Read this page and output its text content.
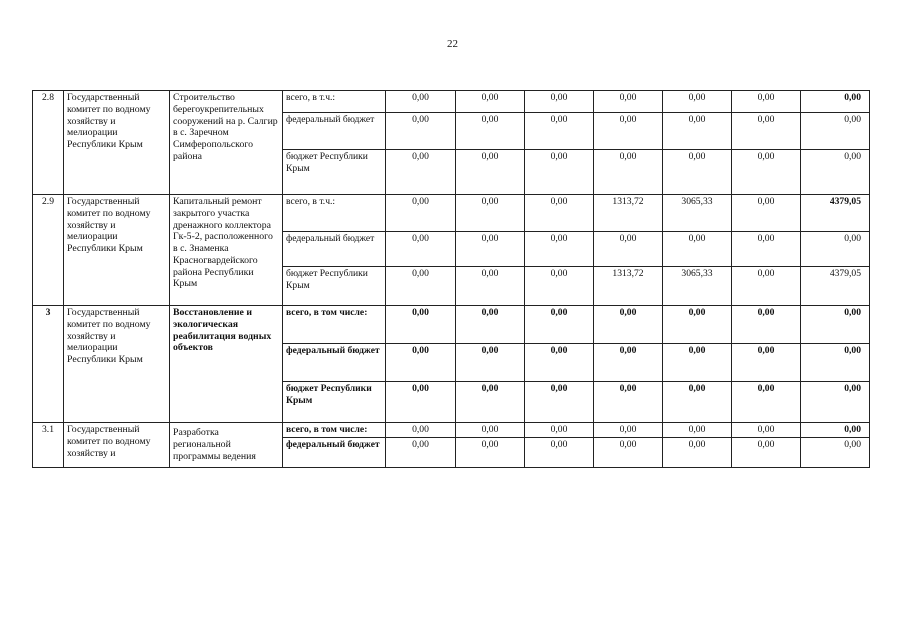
22
2.8	Государственный комитет по водному хозяйству и мелиорации Республики Крым	Строительство берегоукрепительных сооружений на р. Салгир в с. Заречном Симферопольского района	всего, в т.ч.:	0,00	0,00	0,00	0,00	0,00	0,00	0,00
			федеральный бюджет	0,00	0,00	0,00	0,00	0,00	0,00	0,00
			бюджет Республики Крым	0,00	0,00	0,00	0,00	0,00	0,00	0,00
2.9	Государственный комитет по водному хозяйству и мелиорации Республики Крым	Капитальный ремонт закрытого участка дренажного коллектора Гк-5-2, расположенного в с. Знаменка Красногвардейского района Республики Крым	всего, в т.ч.:	0,00	0,00	0,00	1313,72	3065,33	0,00	4379,05
			федеральный бюджет	0,00	0,00	0,00	0,00	0,00	0,00	0,00
			бюджет Республики Крым	0,00	0,00	0,00	1313,72	3065,33	0,00	4379,05
3	Государственный комитет по водному хозяйству и мелиорации Республики Крым	Восстановление и экологическая реабилитация водных объектов	всего, в том числе:	0,00	0,00	0,00	0,00	0,00	0,00	0,00
			федеральный бюджет	0,00	0,00	0,00	0,00	0,00	0,00	0,00
			бюджет Республики Крым	0,00	0,00	0,00	0,00	0,00	0,00	0,00
3.1	Государственный комитет по водному хозяйству и	Разработка региональной программы ведения	всего, в том числе:	0,00	0,00	0,00	0,00	0,00	0,00	0,00
			федеральный бюджет	0,00	0,00	0,00	0,00	0,00	0,00	0,00
